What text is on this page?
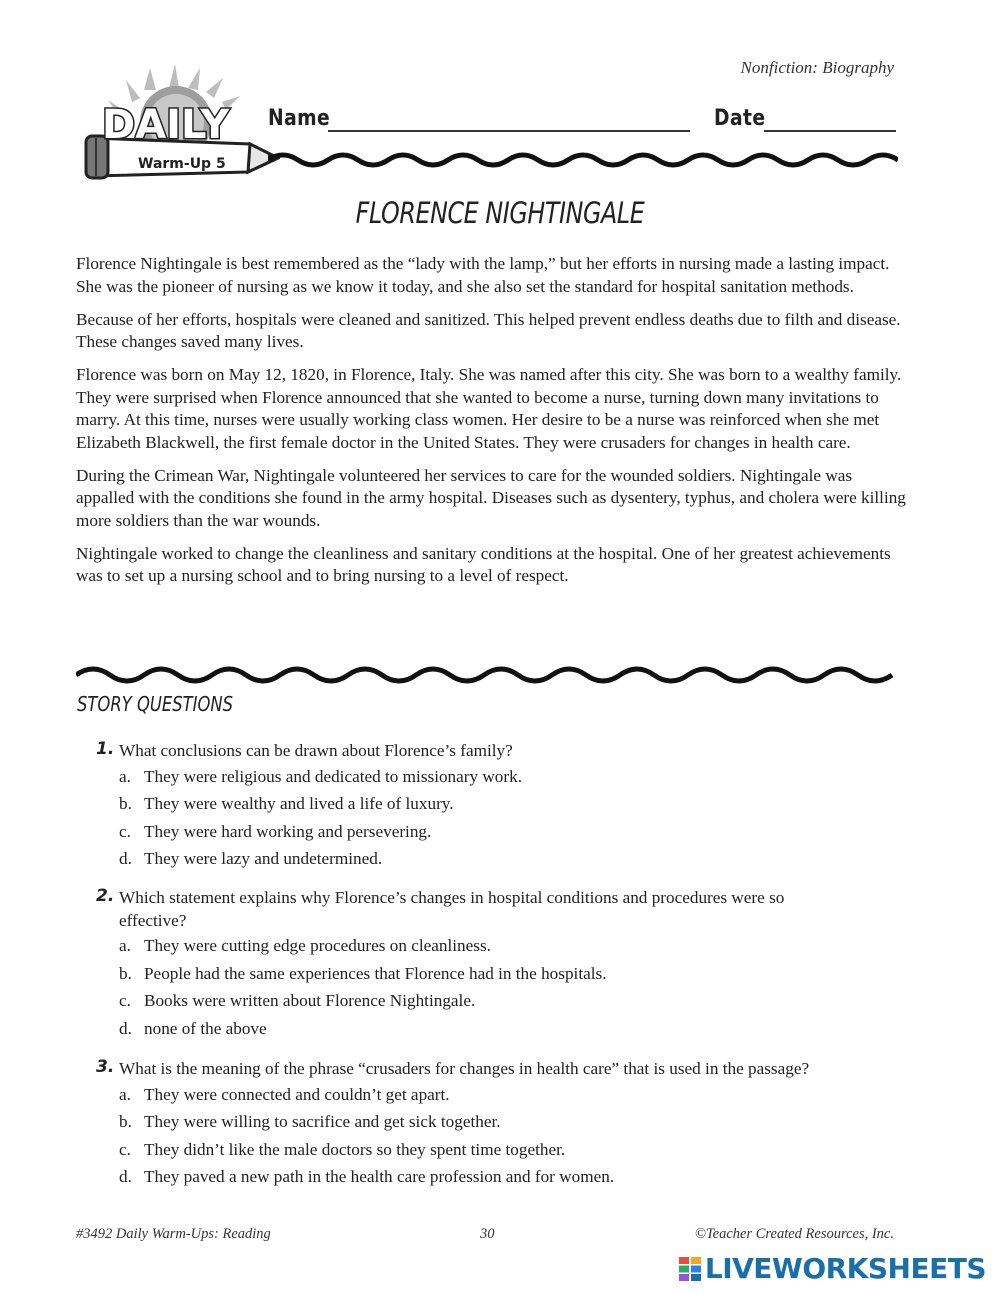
Nonfiction: Biography
DAILY
Warm-Up 5
Name	Date
FLORENCE NIGHTINGALE

Florence Nightingale is best remembered as the “lady with the lamp,” but her efforts in nursing made a lasting impact. She was the pioneer of nursing as we know it today, and she also set the standard for hospital sanitation methods.

Because of her efforts, hospitals were cleaned and sanitized. This helped prevent endless deaths due to filth and disease. These changes saved many lives.

Florence was born on May 12, 1820, in Florence, Italy. She was named after this city. She was born to a wealthy family. They were surprised when Florence announced that she wanted to become a nurse, turning down many invitations to marry. At this time, nurses were usually working class women. Her desire to be a nurse was reinforced when she met Elizabeth Blackwell, the first female doctor in the United States. They were crusaders for changes in health care.

During the Crimean War, Nightingale volunteered her services to care for the wounded soldiers. Nightingale was appalled with the conditions she found in the army hospital. Diseases such as dysentery, typhus, and cholera were killing more soldiers than the war wounds.

Nightingale worked to change the cleanliness and sanitary conditions at the hospital. One of her greatest achievements was to set up a nursing school and to bring nursing to a level of respect.

STORY QUESTIONS
1. What conclusions can be drawn about Florence’s family?
a. They were religious and dedicated to missionary work.
b. They were wealthy and lived a life of luxury.
c. They were hard working and persevering.
d. They were lazy and undetermined.
2. Which statement explains why Florence’s changes in hospital conditions and procedures were so effective?
a. They were cutting edge procedures on cleanliness.
b. People had the same experiences that Florence had in the hospitals.
c. Books were written about Florence Nightingale.
d. none of the above
3. What is the meaning of the phrase “crusaders for changes in health care” that is used in the passage?
a. They were connected and couldn’t get apart.
b. They were willing to sacrifice and get sick together.
c. They didn’t like the male doctors so they spent time together.
d. They paved a new path in the health care profession and for women.
#3492 Daily Warm-Ups: Reading	30	©Teacher Created Resources, Inc.
LIVEWORKSHEETS
